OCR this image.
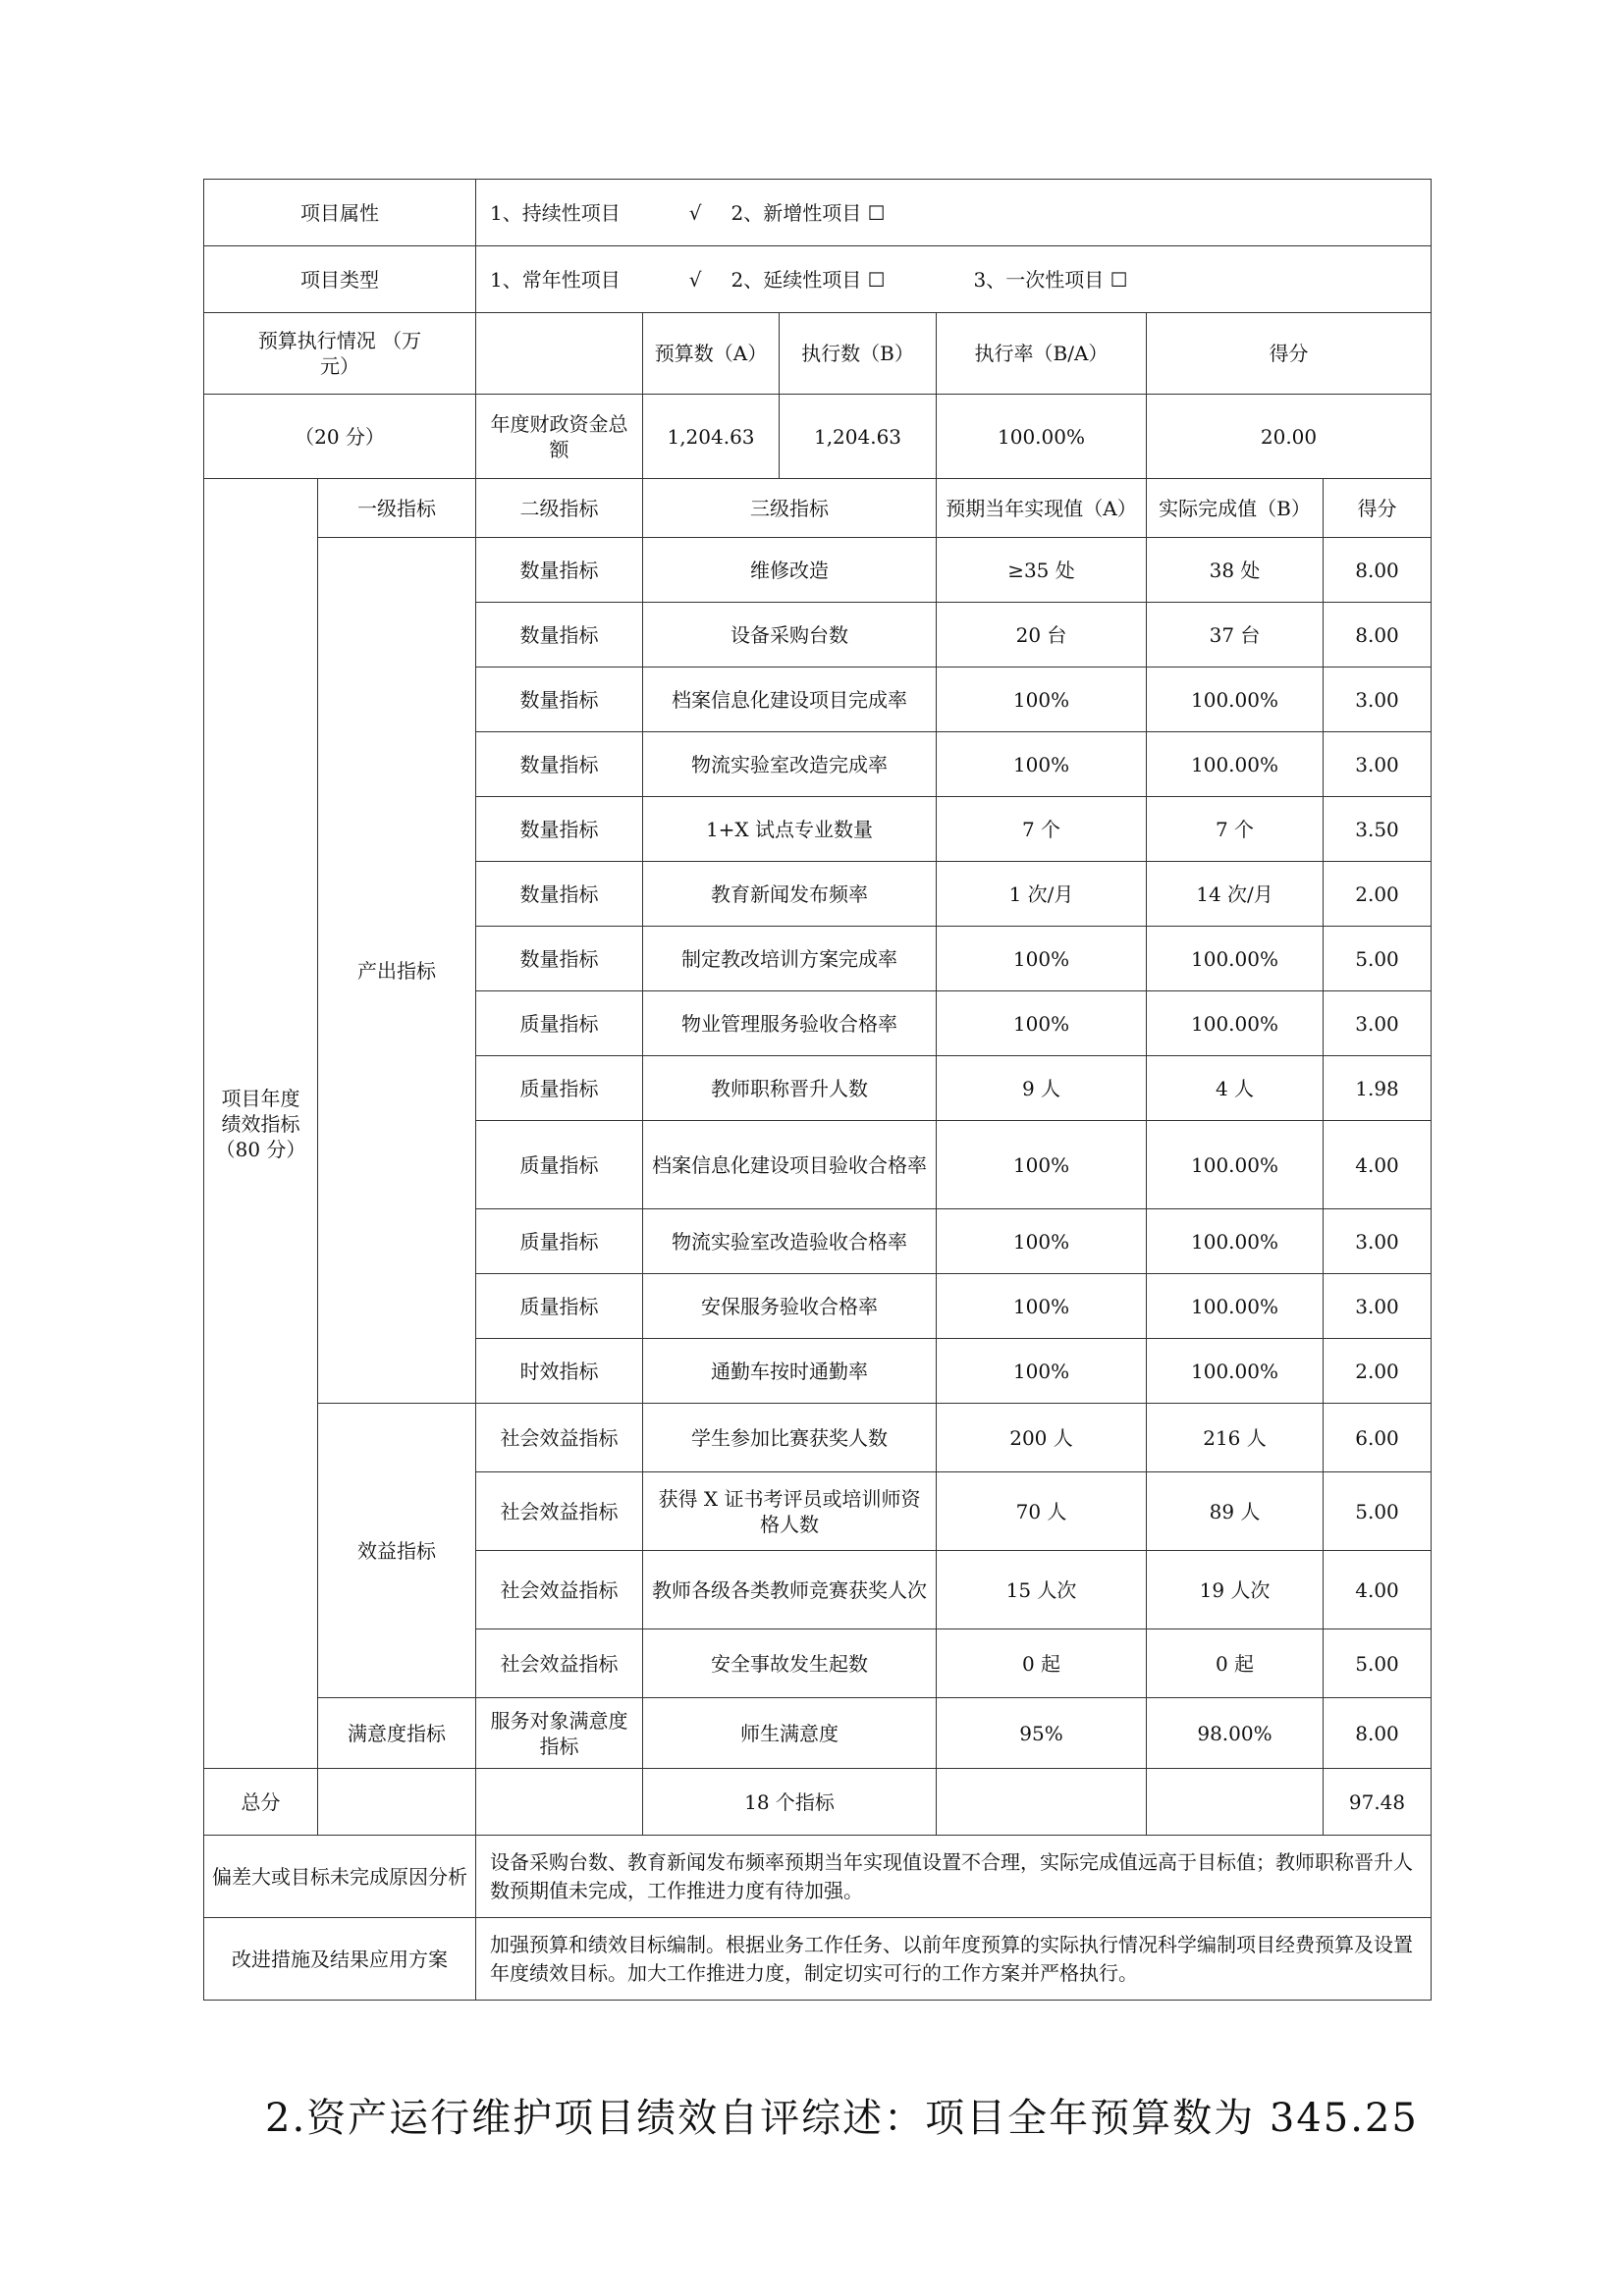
项目属性		1、持续性项目 √ 2、新增性项目 ☐					
项目类型		1、常年性项目 √ 2、延续性项目 ☐ 3、一次性项目 ☐					

预算执行情况 （万
元）			预算数（A）	执行数（B）	执行率（B/A）	得分	
（20 分）		年度财政资金总额	1,204.63	1,204.63	100.00%	20.00	
项目年度 绩效指标（80 分）	一级指标	二级指标	三级指标		预期当年实现值（A）	实际完成值（B）	得分
	产出指标	数量指标	维修改造		≥35 处	38 处	8.00
		数量指标	设备采购台数		20 台	37 台	8.00
		数量指标	档案信息化建设项目完成率		100%	100.00%	3.00
		数量指标	物流实验室改造完成率		100%	100.00%	3.00
		数量指标	1+X 试点专业数量		7 个	7 个	3.50
		数量指标	教育新闻发布频率		1 次/月	14 次/月	2.00
		数量指标	制定教改培训方案完成率		100%	100.00%	5.00
		质量指标	物业管理服务验收合格率		100%	100.00%	3.00
		质量指标	教师职称晋升人数		9 人	4 人	1.98
		质量指标	档案信息化建设项目验收合格率		100%	100.00%	4.00
		质量指标	物流实验室改造验收合格率		100%	100.00%	3.00
		质量指标	安保服务验收合格率		100%	100.00%	3.00
		时效指标	通勤车按时通勤率		100%	100.00%	2.00
	效益指标	社会效益指标	学生参加比赛获奖人数		200 人	216 人	6.00
		社会效益指标	获得 X 证书考评员或培训师资格人数		70 人	89 人	5.00
		社会效益指标	教师各级各类教师竞赛获奖人次		15 人次	19 人次	4.00
		社会效益指标	安全事故发生起数		0 起	0 起	5.00
	满意度指标	服务对象满意度指标	师生满意度		95%	98.00%	8.00
总分			18 个指标				97.48
偏差大或目标未完成原因分析		设备采购台数、教育新闻发布频率预期当年实现值设置不合理，实际完成值远高于目标值；教师职称晋升人数预期值未完成，工作推进力度有待加强。					
改进措施及结果应用方案		加强预算和绩效目标编制。根据业务工作任务、以前年度预算的实际执行情况科学编制项目经费预算及设置年度绩效目标。加大工作推进力度，制定切实可行的工作方案并严格执行。					
2.资产运行维护项目绩效自评综述：项目全年预算数为 345.25
